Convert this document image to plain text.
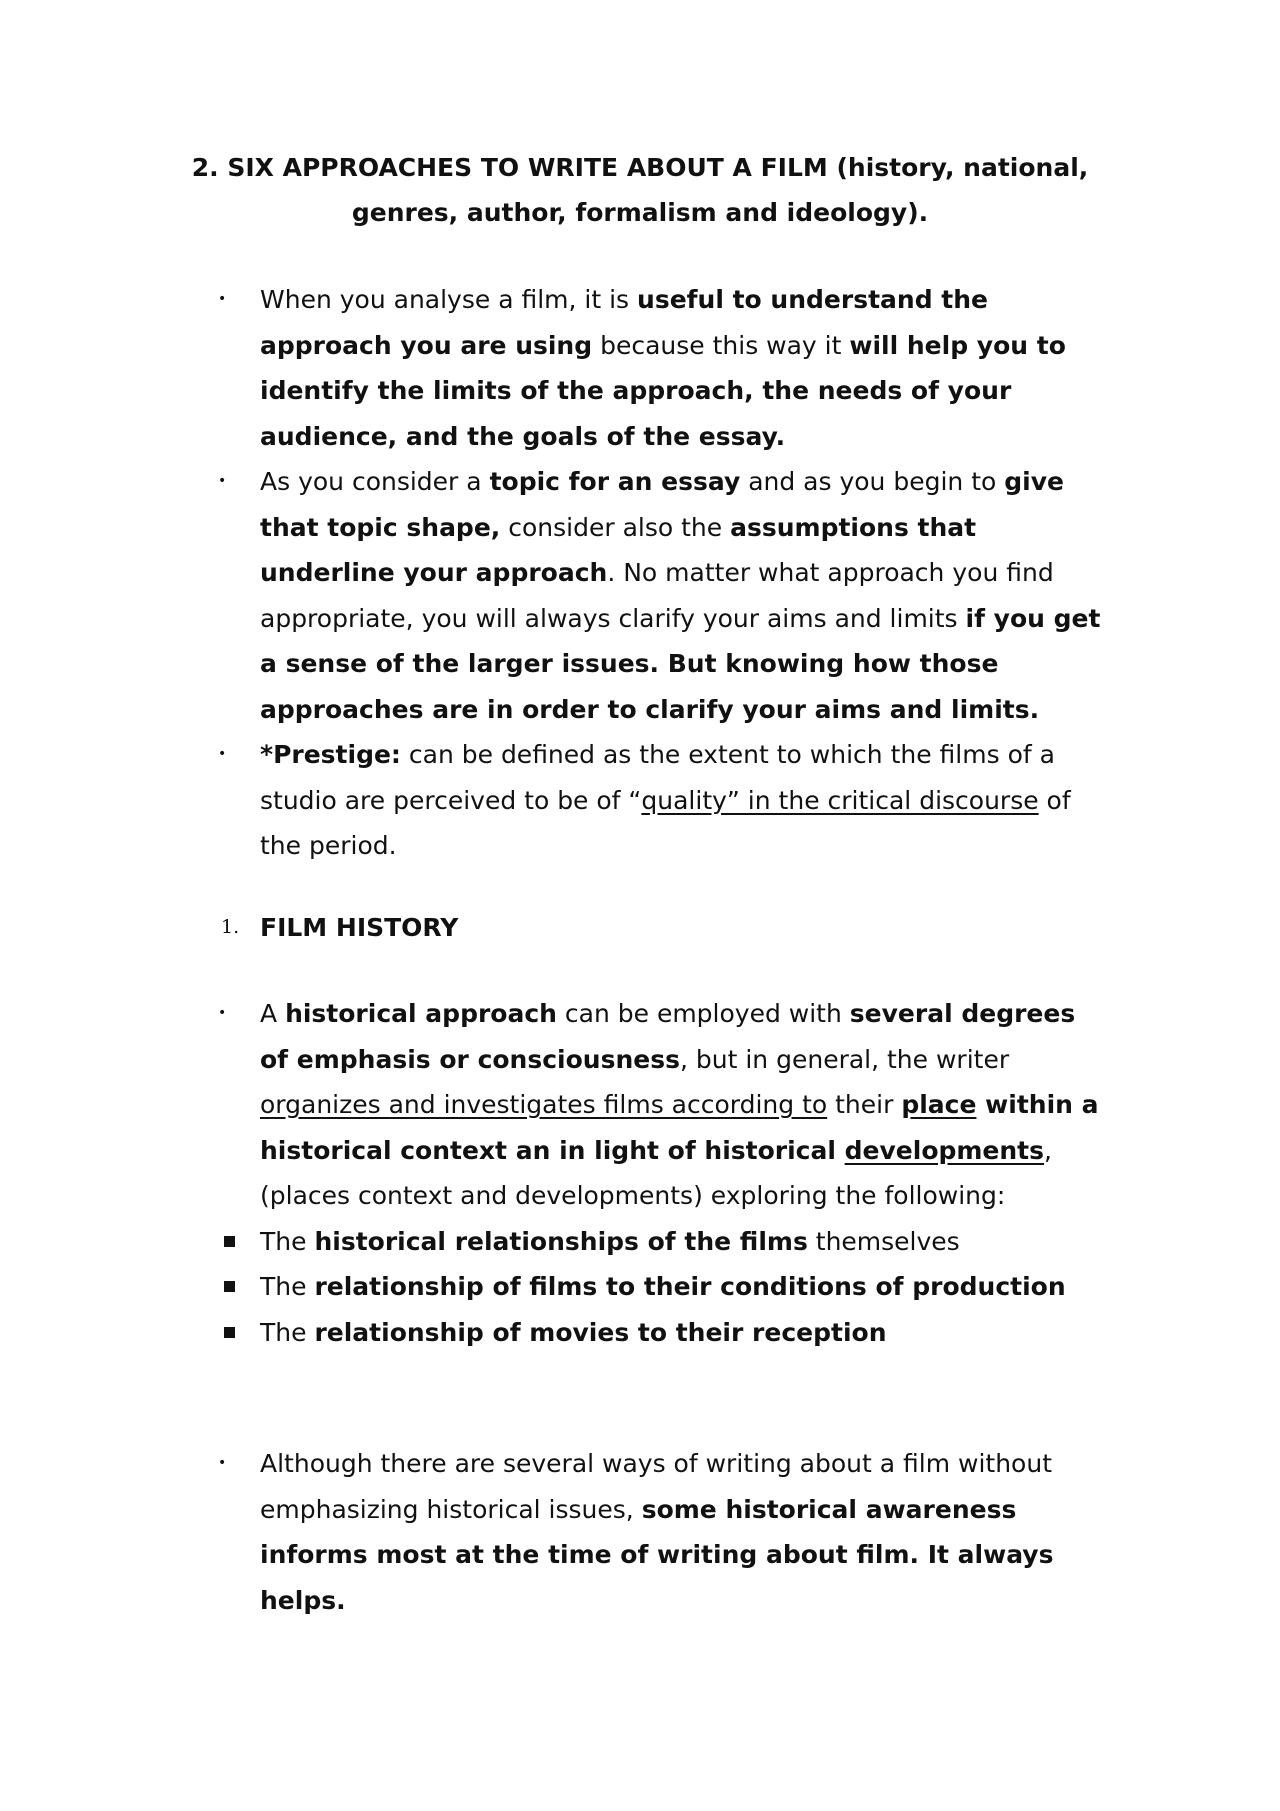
2. SIX APPROACHES TO WRITE ABOUT A FILM (history, national,
genres, author, formalism and ideology).
•	When you analyse a film, it is useful to understand the approach you are using because this way it will help you to identify the limits of the approach, the needs of your audience, and the goals of the essay.
•	As you consider a topic for an essay and as you begin to give that topic shape, consider also the assumptions that underline your approach. No matter what approach you find appropriate, you will always clarify your aims and limits if you get a sense of the larger issues. But knowing how those approaches are in order to clarify your aims and limits.
•	*Prestige: can be defined as the extent to which the films of a studio are perceived to be of “quality” in the critical discourse of the period.
1. FILM HISTORY
•	A historical approach can be employed with several degrees of emphasis or consciousness, but in general, the writer organizes and investigates films according to their place within a historical context an in light of historical developments, (places context and developments) exploring the following:
The historical relationships of the films themselves
The relationship of films to their conditions of production
The relationship of movies to their reception
•	Although there are several ways of writing about a film without emphasizing historical issues, some historical awareness informs most at the time of writing about film. It always helps.
